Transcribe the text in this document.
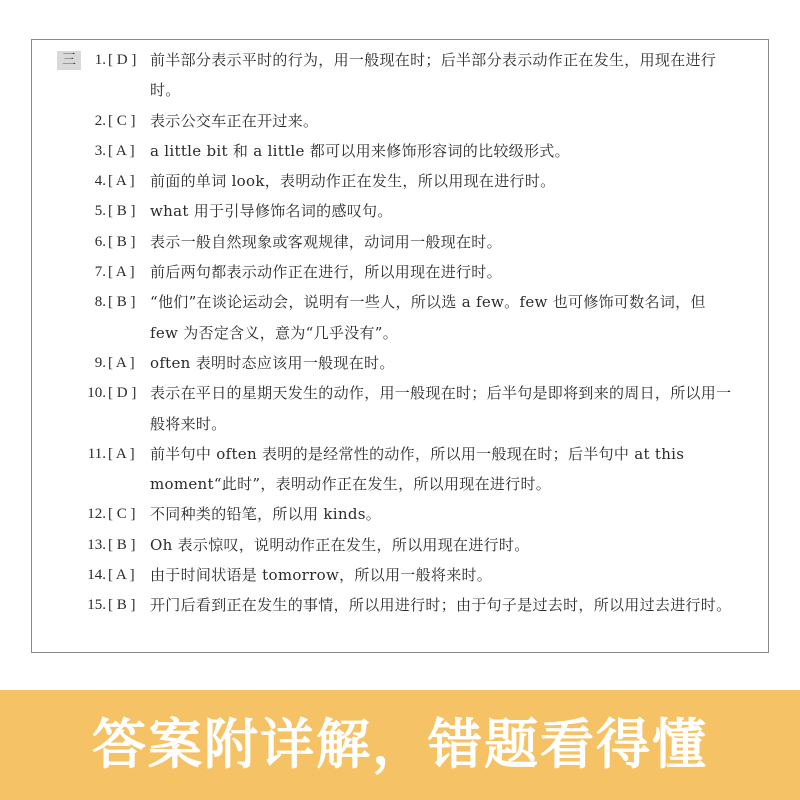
三	1. [ D ] 前半部分表示平时的行为，用一般现在时；后半部分表示动作正在发生，用现在进行时。
2. [ C ] 表示公交车正在开过来。
3. [ A ]	a little bit 和 a little 都可以用来修饰形容词的比较级形式。
4. [ A ]	前面的单词 look，表明动作正在发生，所以用现在进行时。
5. [ B ] what 用于引导修饰名词的感叹句。
6. [ B ] 表示一般自然现象或客观规律，动词用一般现在时。
7. [ A ]	前后两句都表示动作正在进行，所以用现在进行时。
8. [ B ] “他们”在谈论运动会，说明有一些人，所以选 a few。few 也可修饰可数名词，但 few 为否定含义，意为“几乎没有”。
9. [ A ]	often 表明时态应该用一般现在时。
10. [ D ] 表示在平日的星期天发生的动作，用一般现在时；后半句是即将到来的周日，所以用一般将来时。
11. [ A ]	前半句中 often 表明的是经常性的动作，所以用一般现在时；后半句中 at this moment“此时”，表明动作正在发生，所以用现在进行时。
12. [ C ] 不同种类的铅笔，所以用 kinds。
13. [ B ] Oh 表示惊叹，说明动作正在发生，所以用现在进行时。
14. [ A ]	由于时间状语是 tomorrow，所以用一般将来时。
15. [ B ] 开门后看到正在发生的事情，所以用进行时；由于句子是过去时，所以用过去进行时。
答案附详解，错题看得懂
